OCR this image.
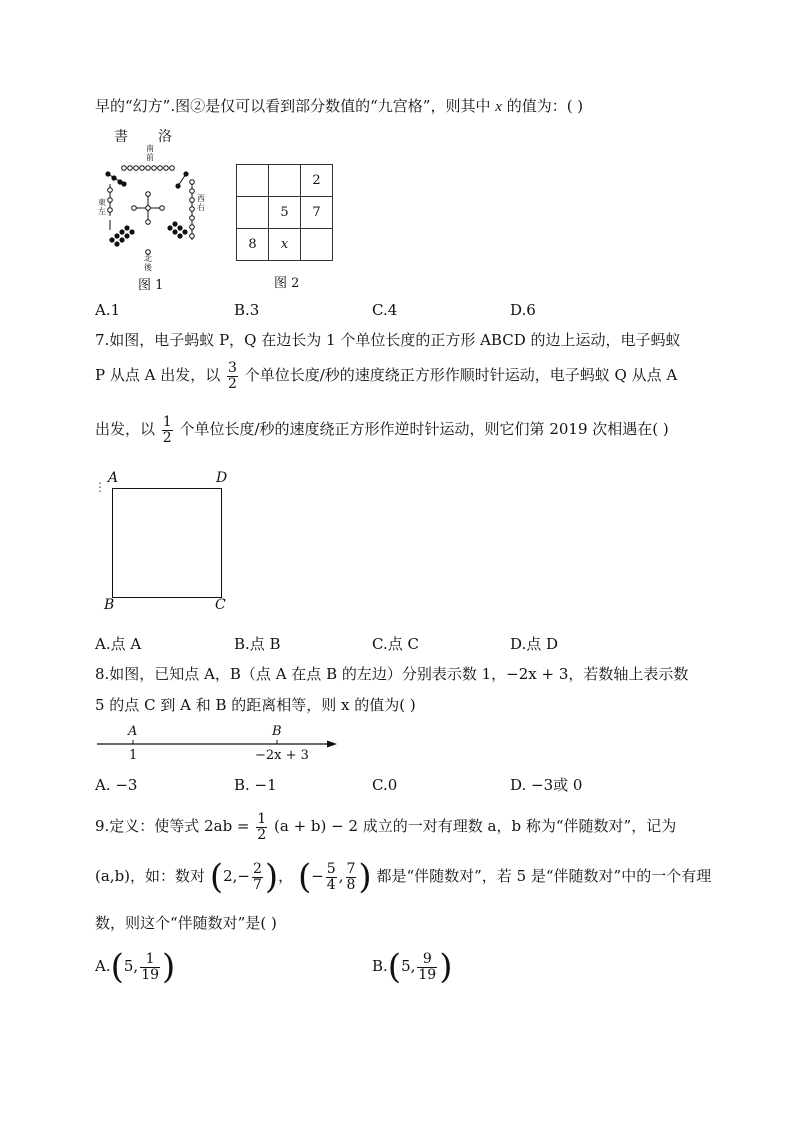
早的“幻方”.图②是仅可以看到部分数值的“九宫格”，则其中 x 的值为：( )
書　洛
南前
東左
西右
北後
图 1
		2
	5	7
8	x	
图 2
A.1	B.3	C.4	D.6
7.如图，电子蚂蚁 P，Q 在边长为 1 个单位长度的正方形 ABCD 的边上运动，电子蚂蚁
P 从点 A 出发，以 $\frac{3}{2}$ 个单位长度/秒的速度绕正方形作顺时针运动，电子蚂蚁 Q 从点 A
出发，以 $\frac{1}{2}$ 个单位长度/秒的速度绕正方形作逆时针运动，则它们第 2019 次相遇在( )
⋮
A	D
B	C
A.点 A	B.点 B	C.点 C	D.点 D
8.如图，已知点 A，B（点 A 在点 B 的左边）分别表示数 1，−2x + 3，若数轴上表示数
5 的点 C 到 A 和 B 的距离相等，则 x 的值为( )
A
1
B
−2x + 3
A. −3	B. −1	C.0	D. −3或 0
9.定义：使等式 $2ab = \frac{1}{2} (a + b) - 2$ 成立的一对有理数 a，b 称为“伴随数对”，记为
(a,b)，如：数对 ($2,- \frac{2}{7}$ )， (− $\frac{5}{4}$ , $\frac{7}{8}$ ) 都是“伴随数对”，若 5 是“伴随数对”中的一个有理
数，则这个“伴随数对”是( )
A.(5, $\frac{1}{19}$ )	B.(5, $\frac{9}{19}$ )
